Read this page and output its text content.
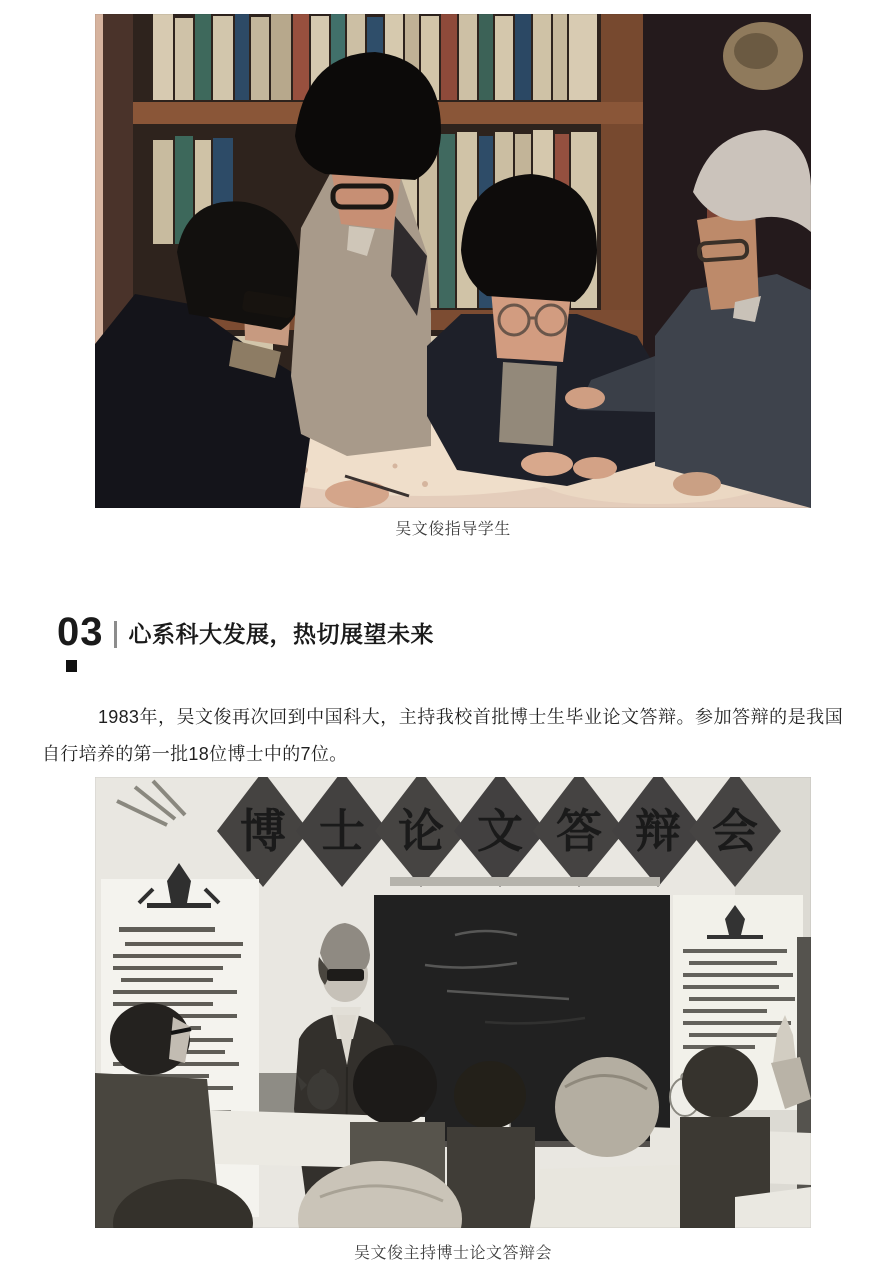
吴文俊指导学生
03 心系科大发展，热切展望未来

1983年，吴文俊再次回到中国科大，主持我校首批博士生毕业论文答辩。参加答辩的是我国自行培养的第一批18位博士中的7位。

博 士 论 文 答 辩 会
吴文俊主持博士论文答辩会
